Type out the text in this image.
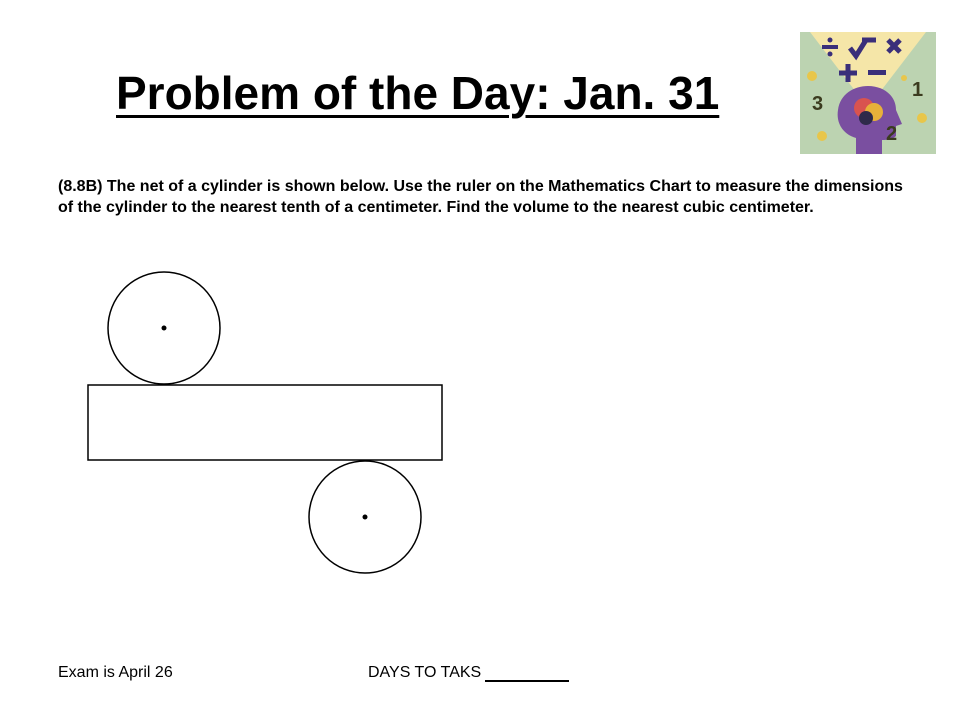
Problem of the Day: Jan. 31	3
1
2

(8.8B) The net of a cylinder is shown below. Use the ruler on the Mathematics Chart to measure the dimensions of the cylinder to the nearest tenth of a centimeter. Find the volume to the nearest cubic centimeter.

Exam is April 26	DAYS TO TAKS
